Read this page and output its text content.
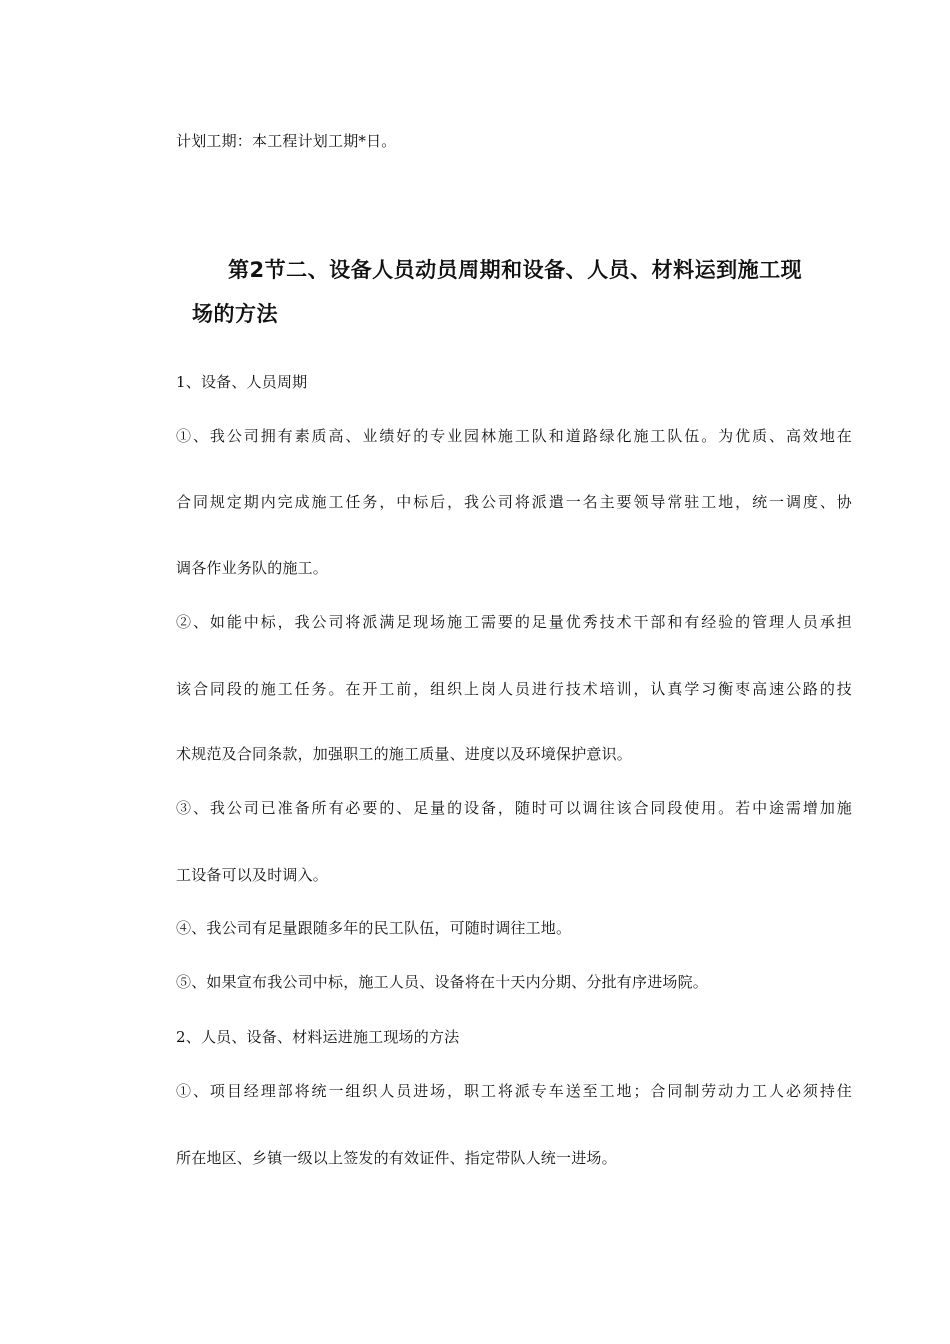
计划工期：本工程计划工期*日。
第2节二、设备人员动员周期和设备、人员、材料运到施工现
场的方法
1、设备、人员周期
①、我公司拥有素质高、业绩好的专业园林施工队和道路绿化施工队伍。为优质、高效地在
合同规定期内完成施工任务，中标后，我公司将派遣一名主要领导常驻工地，统一调度、协
调各作业务队的施工。
②、如能中标，我公司将派满足现场施工需要的足量优秀技术干部和有经验的管理人员承担
该合同段的施工任务。在开工前，组织上岗人员进行技术培训，认真学习衡枣高速公路的技
术规范及合同条款，加强职工的施工质量、进度以及环境保护意识。
③、我公司已准备所有必要的、足量的设备，随时可以调往该合同段使用。若中途需增加施
工设备可以及时调入。
④、我公司有足量跟随多年的民工队伍，可随时调往工地。
⑤、如果宣布我公司中标，施工人员、设备将在十天内分期、分批有序进场院。
2、人员、设备、材料运进施工现场的方法
①、项目经理部将统一组织人员进场，职工将派专车送至工地；合同制劳动力工人必须持住
所在地区、乡镇一级以上签发的有效证件、指定带队人统一进场。
